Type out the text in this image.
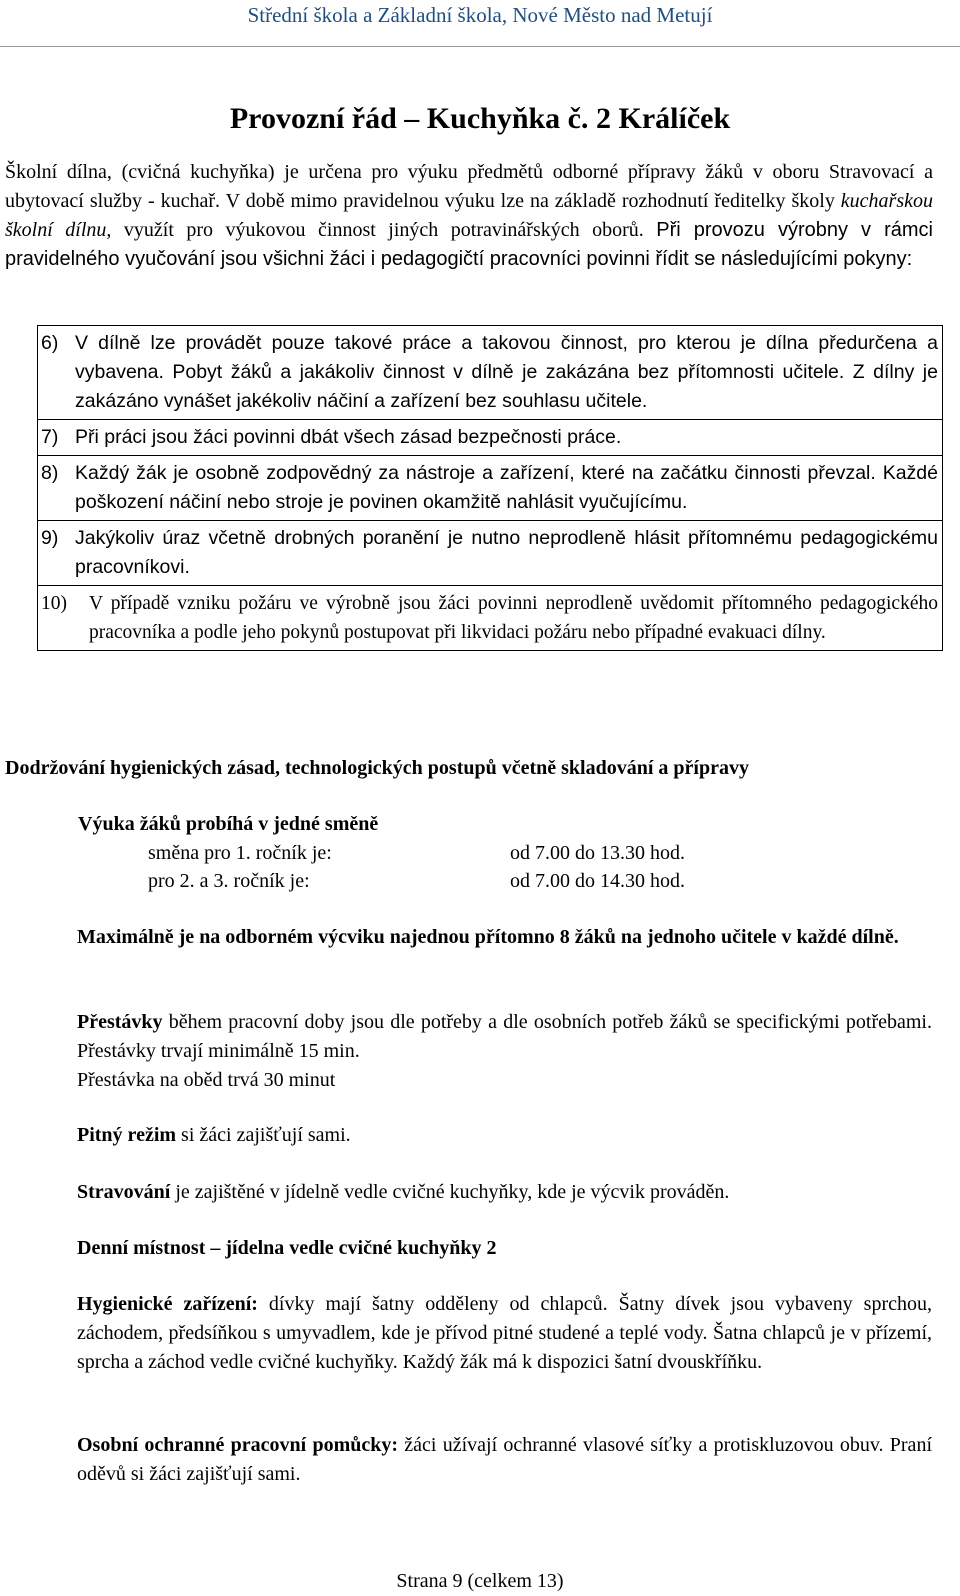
Střední škola a Základní škola, Nové Město nad Metují
Provozní řád – Kuchyňka č. 2 Králíček
Školní dílna, (cvičná kuchyňka) je určena pro výuku předmětů odborné přípravy žáků v oboru Stravovací a ubytovací služby - kuchař. V době mimo pravidelnou výuku lze na základě rozhodnutí ředitelky školy kuchařskou školní dílnu, využít pro výukovou činnost jiných potravinářských oborů. Při provozu výrobny v rámci pravidelného vyučování jsou všichni žáci i pedagogičtí pracovníci povinni řídit se následujícími pokyny:
6) V dílně lze provádět pouze takové práce a takovou činnost, pro kterou je dílna předurčena a vybavena. Pobyt žáků a jakákoliv činnost v dílně je zakázána bez přítomnosti učitele. Z dílny je zakázáno vynášet jakékoliv náčiní a zařízení bez souhlasu učitele.

7) Při práci jsou žáci povinni dbát všech zásad bezpečnosti práce.

8) Každý žák je osobně zodpovědný za nástroje a zařízení, které na začátku činnosti převzal. Každé poškození náčiní nebo stroje je povinen okamžitě nahlásit vyučujícímu.

9) Jakýkoliv úraz včetně drobných poranění je nutno neprodleně hlásit přítomnému pedagogickému pracovníkovi.

10)	V případě vzniku požáru ve výrobně jsou žáci povinni neprodleně uvědomit přítomného pedagogického pracovníka a podle jeho pokynů postupovat při likvidaci požáru nebo případné evakuaci dílny.
Dodržování hygienických zásad, technologických postupů včetně skladování a přípravy
Výuka žáků probíhá v jedné směně
směna pro 1. ročník je:	od 7.00 do 13.30 hod.
pro 2. a 3. ročník je:	od 7.00 do 14.30 hod.
Maximálně je na odborném výcviku najednou přítomno 8 žáků na jednoho učitele v každé dílně.
Přestávky během pracovní doby jsou dle potřeby a dle osobních potřeb žáků se specifickými potřebami. Přestávky trvají minimálně 15 min.
Přestávka na oběd trvá 30 minut
Pitný režim si žáci zajišťují sami.
Stravování je zajištěné v jídelně vedle cvičné kuchyňky, kde je výcvik prováděn.
Denní místnost – jídelna vedle cvičné kuchyňky 2
Hygienické zařízení: dívky mají šatny odděleny od chlapců. Šatny dívek jsou vybaveny sprchou, záchodem, předsíňkou s umyvadlem, kde je přívod pitné studené a teplé vody. Šatna chlapců je v přízemí, sprcha a záchod vedle cvičné kuchyňky. Každý žák má k dispozici šatní dvouskříňku.
Osobní ochranné pracovní pomůcky: žáci užívají ochranné vlasové síťky a protiskluzovou obuv. Praní oděvů si žáci zajišťují sami.
Strana 9 (celkem 13)
